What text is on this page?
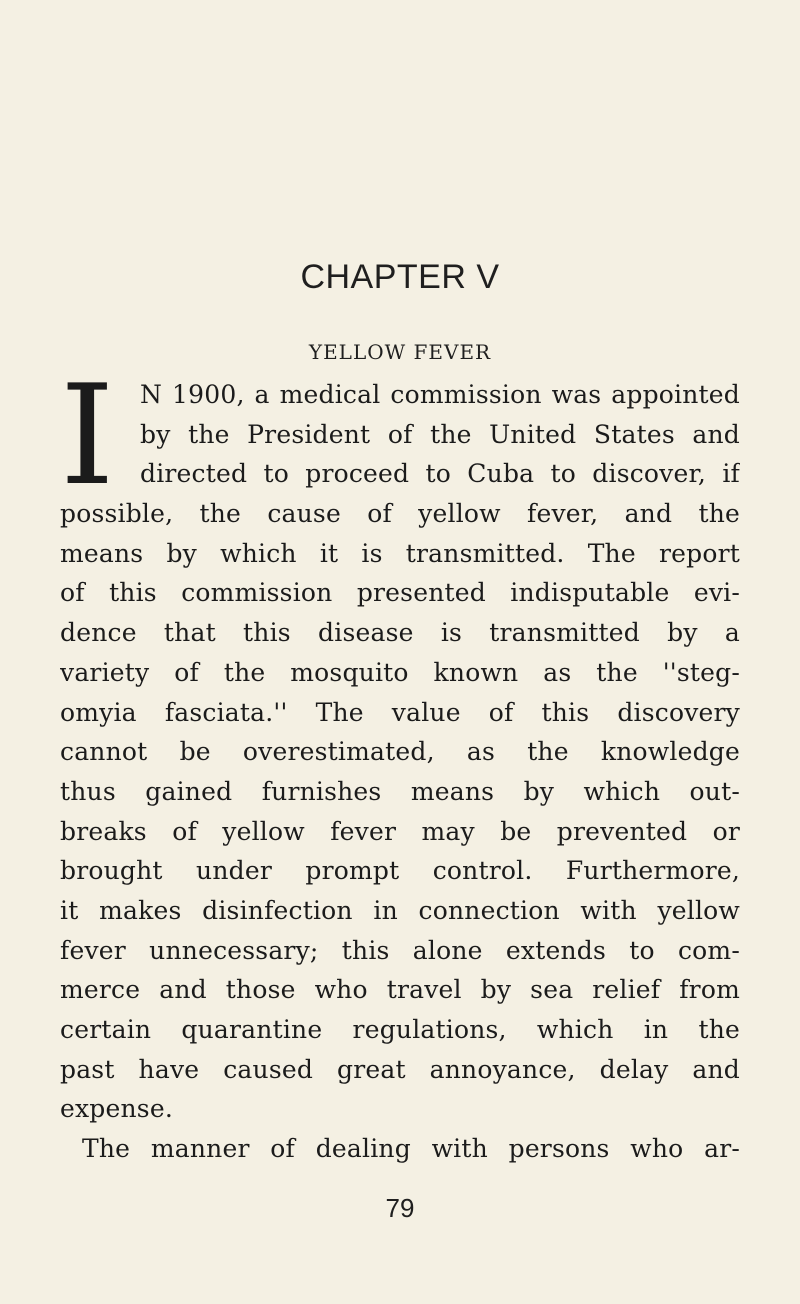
CHAPTER V
YELLOW FEVER
I	N 1900, a medical commission was appointed
by the President of the United States and
directed to proceed to Cuba to discover, if
possible, the cause of yellow fever, and the
means by which it is transmitted. The report
of this commission presented indisputable evi-
dence that this disease is transmitted by a
variety of the mosquito known as the ''steg-
omyia fasciata.'' The value of this discovery
cannot be overestimated, as the knowledge
thus gained furnishes means by which out-
breaks of yellow fever may be prevented or
brought under prompt control. Furthermore,
it makes disinfection in connection with yellow
fever unnecessary; this alone extends to com-
merce and those who travel by sea relief from
certain quarantine regulations, which in the
past have caused great annoyance, delay and
expense.
The manner of dealing with persons who ar-
79
